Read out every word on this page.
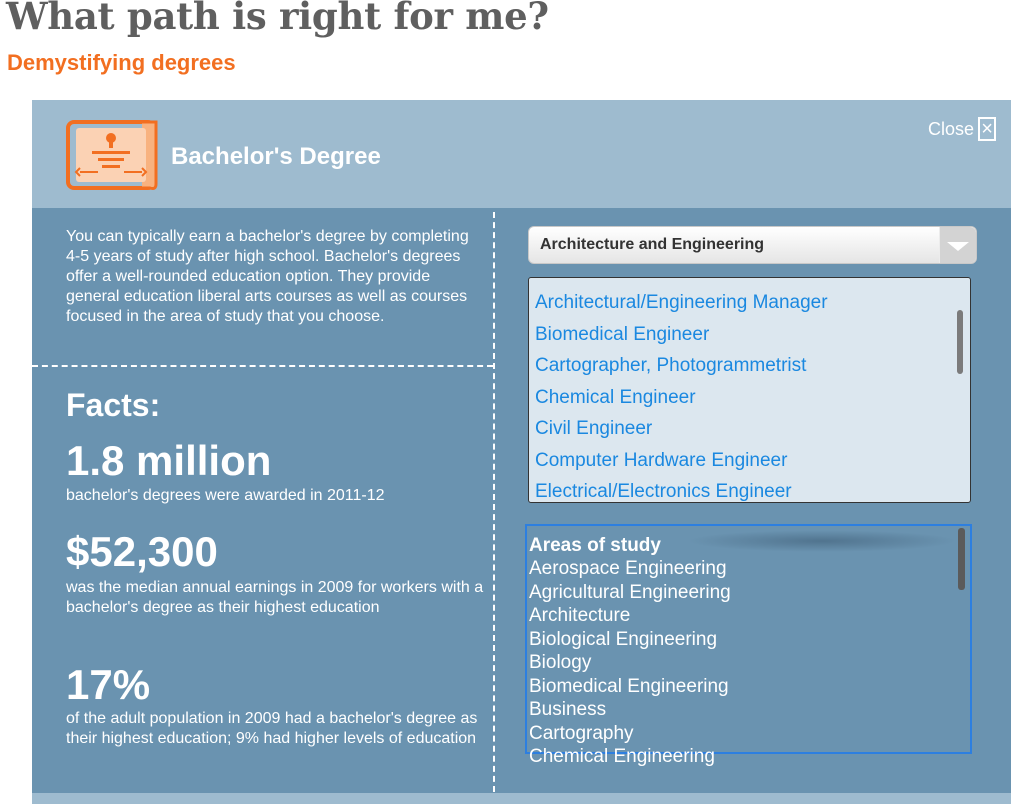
What path is right for me?
Demystifying degrees
Bachelor's Degree
Close ×
You can typically earn a bachelor's degree by completing 4-5 years of study after high school. Bachelor's degrees offer a well-rounded education option. They provide general education liberal arts courses as well as courses focused in the area of study that you choose.
Facts:
1.8 million
bachelor's degrees were awarded in 2011-12
$52,300
was the median annual earnings in 2009 for workers with a bachelor's degree as their highest education
17%
of the adult population in 2009 had a bachelor's degree as their highest education; 9% had higher levels of education
Architecture and Engineering
Architectural/Engineering Manager
Biomedical Engineer
Cartographer, Photogrammetrist
Chemical Engineer
Civil Engineer
Computer Hardware Engineer
Electrical/Electronics Engineer
Areas of study
Aerospace Engineering
Agricultural Engineering
Architecture
Biological Engineering
Biology
Biomedical Engineering
Business
Cartography
Chemical Engineering
